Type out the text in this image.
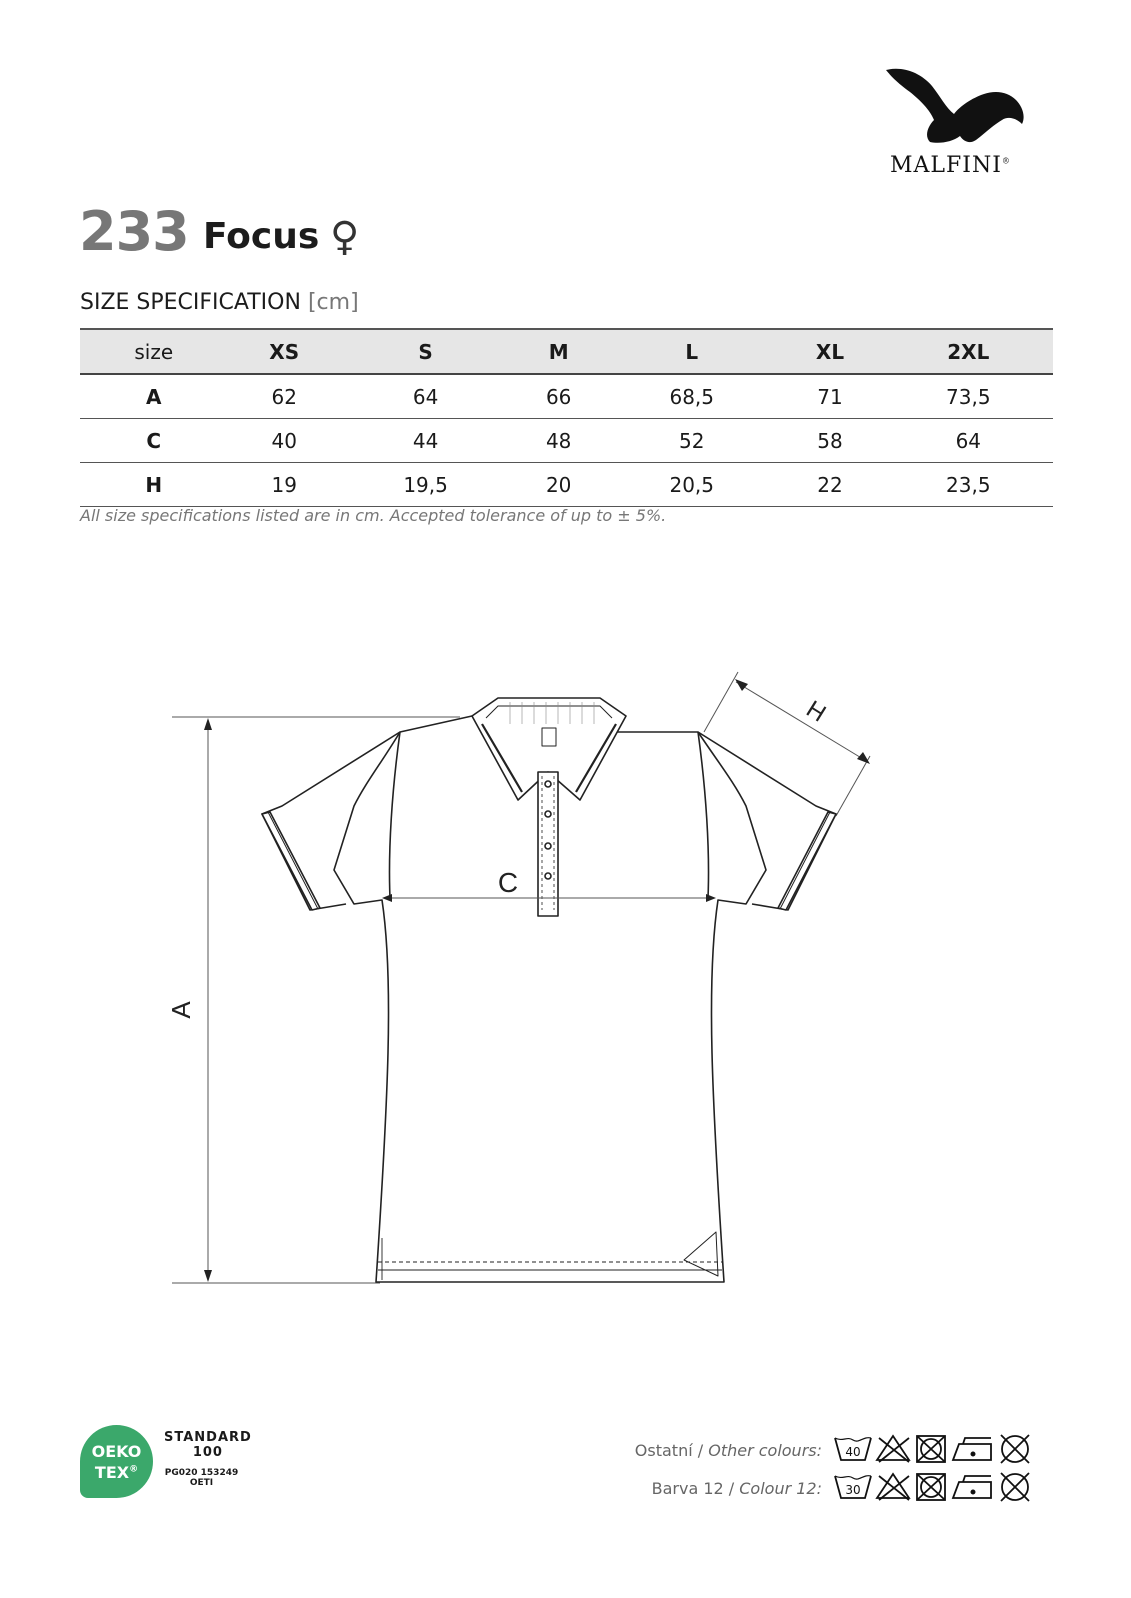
MALFINI®
233 Focus ♀
SIZE SPECIFICATION [cm]
size	XS	S	M	L	XL	2XL
A	62	64	66	68,5	71	73,5
C	40	44	48	52	58	64
H	19	19,5	20	20,5	22	23,5
All size specifications listed are in cm. Accepted tolerance of up to ± 5%.
A
H
C
OEKO
TEX®
STANDARD
100
PG020 153249
OETI
Ostatní / Other colours: 40
Barva 12 / Colour 12: 30
